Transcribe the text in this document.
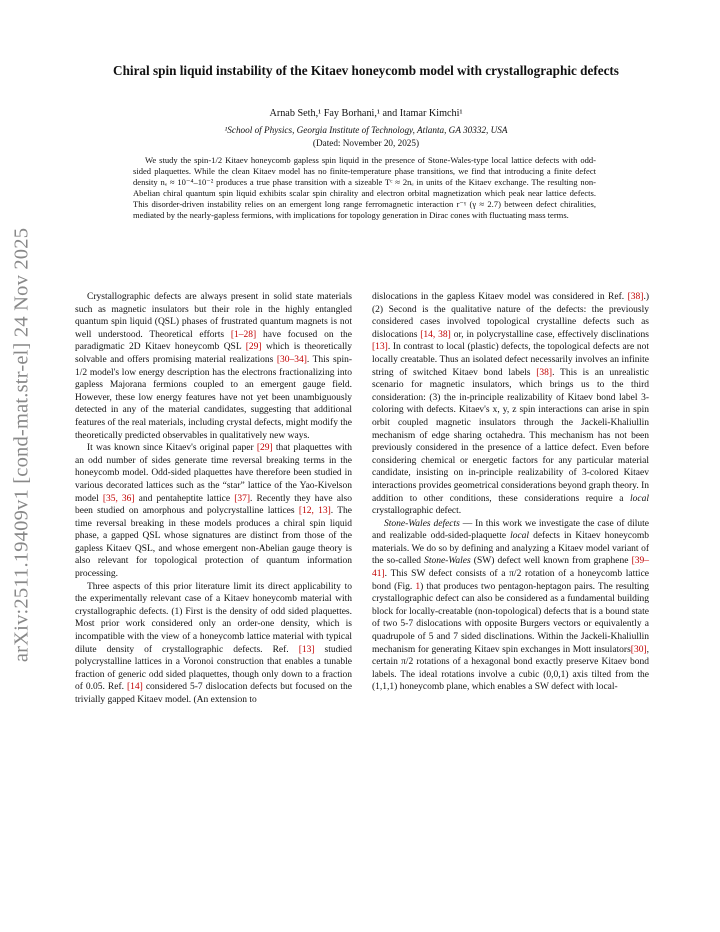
arXiv:2511.19409v1 [cond-mat.str-el] 24 Nov 2025
Chiral spin liquid instability of the Kitaev honeycomb model with crystallographic defects
Arnab Seth,¹ Fay Borhani,¹ and Itamar Kimchi¹
¹School of Physics, Georgia Institute of Technology, Atlanta, GA 30332, USA
(Dated: November 20, 2025)

We study the spin-1/2 Kitaev honeycomb gapless spin liquid in the presence of Stone-Wales-type local lattice defects with odd-sided plaquettes. While the clean Kitaev model has no finite-temperature phase transitions, we find that introducing a finite defect density nₑ ≈ 10⁻⁴–10⁻² produces a true phase transition with a sizeable Tᶜ ≈ 2nₑ in units of the Kitaev exchange. The resulting non-Abelian chiral quantum spin liquid exhibits scalar spin chirality and electron orbital magnetization which peak near lattice defects. This disorder-driven instability relies on an emergent long range ferromagnetic interaction r⁻ᵞ (γ ≈ 2.7) between defect chiralities, mediated by the nearly-gapless fermions, with implications for topology generation in Dirac cones with fluctuating mass terms.

Crystallographic defects are always present in solid state materials such as magnetic insulators but their role in the highly entangled quantum spin liquid (QSL) phases of frustrated quantum magnets is not well understood. Theoretical efforts [1–28] have focused on the paradigmatic 2D Kitaev honeycomb QSL [29] which is theoretically solvable and offers promising material realizations [30–34]. This spin-1/2 model's low energy description has the electrons fractionalizing into gapless Majorana fermions coupled to an emergent gauge field. However, these low energy features have not yet been unambiguously detected in any of the material candidates, suggesting that additional features of the real materials, including crystal defects, might modify the theoretically predicted observables in qualitatively new ways.

It was known since Kitaev's original paper [29] that plaquettes with an odd number of sides generate time reversal breaking terms in the honeycomb model. Odd-sided plaquettes have therefore been studied in various decorated lattices such as the “star” lattice of the Yao-Kivelson model [35, 36] and pentaheptite lattice [37]. Recently they have also been studied on amorphous and polycrystalline lattices [12, 13]. The time reversal breaking in these models produces a chiral spin liquid phase, a gapped QSL whose signatures are distinct from those of the gapless Kitaev QSL, and whose emergent non-Abelian gauge theory is also relevant for topological protection of quantum information processing.

Three aspects of this prior literature limit its direct applicability to the experimentally relevant case of a Kitaev honeycomb material with crystallographic defects. (1) First is the density of odd sided plaquettes. Most prior work considered only an order-one density, which is incompatible with the view of a honeycomb lattice material with typical dilute density of crystallographic defects. Ref. [13] studied polycrystalline lattices in a Voronoi construction that enables a tunable fraction of generic odd sided plaquettes, though only down to a fraction of 0.05. Ref. [14] considered 5-7 dislocation defects but focused on the trivially gapped Kitaev model. (An extension to

dislocations in the gapless Kitaev model was considered in Ref. [38].) (2) Second is the qualitative nature of the defects: the previously considered cases involved topological crystalline defects such as dislocations [14, 38] or, in polycrystalline case, effectively disclinations [13]. In contrast to local (plastic) defects, the topological defects are not locally creatable. Thus an isolated defect necessarily involves an infinite string of switched Kitaev bond labels [38]. This is an unrealistic scenario for magnetic insulators, which brings us to the third consideration: (3) the in-principle realizability of Kitaev bond label 3-coloring with defects. Kitaev's x, y, z spin interactions can arise in spin orbit coupled magnetic insulators through the Jackeli-Khaliullin mechanism of edge sharing octahedra. This mechanism has not been previously considered in the presence of a lattice defect. Even before considering chemical or energetic factors for any particular material candidate, insisting on in-principle realizability of 3-colored Kitaev interactions provides geometrical considerations beyond graph theory. In addition to other conditions, these considerations require a local crystallographic defect.

Stone-Wales defects — In this work we investigate the case of dilute and realizable odd-sided-plaquette local defects in Kitaev honeycomb materials. We do so by defining and analyzing a Kitaev model variant of the so-called Stone-Wales (SW) defect well known from graphene [39–41]. This SW defect consists of a π/2 rotation of a honeycomb lattice bond (Fig. 1) that produces two pentagon-heptagon pairs. The resulting crystallographic defect can also be considered as a fundamental building block for locally-creatable (non-topological) defects that is a bound state of two 5-7 dislocations with opposite Burgers vectors or equivalently a quadrupole of 5 and 7 sided disclinations. Within the Jackeli-Khaliullin mechanism for generating Kitaev spin exchanges in Mott insulators[30], certain π/2 rotations of a hexagonal bond exactly preserve Kitaev bond labels. The ideal rotations involve a cubic (0,0,1) axis tilted from the (1,1,1) honeycomb plane, which enables a SW defect with local-
